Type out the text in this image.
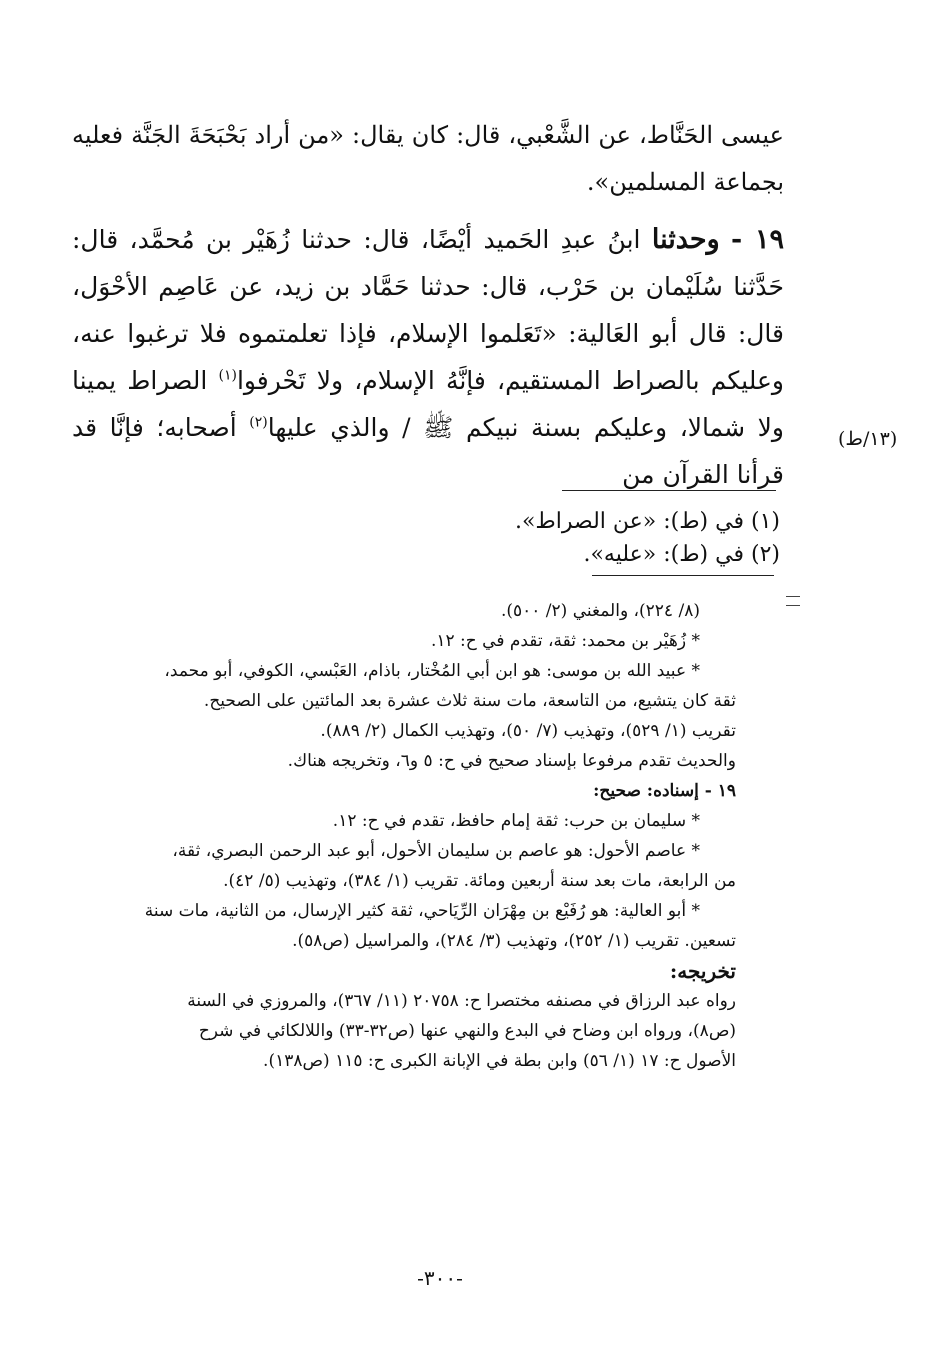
عيسى الحَنَّاط، عن الشَّعْبي، قال: كان يقال: «من أراد بَحْبَحَةَ الجَنَّة فعليه بجماعة المسلمين».

١٩ - وحدثنا ابنُ عبدِ الحَميد أيْضًا، قال: حدثنا زُهَيْر بن مُحمَّد، قال: حَدَّثنا سُلَيْمان بن حَرْب، قال: حدثنا حَمَّاد بن زيد، عن عَاصِم الأحْوَل، قال: قال أبو العَالية: «تَعَلموا الإسلام، فإذا تعلمتموه فلا ترغبوا عنه، وعليكم بالصراط المستقيم، فإنَّهُ الإسلام، ولا تَحْرفوا$^{(١)}$ الصراط يمينا ولا شمالا، وعليكم بسنة نبيكم ﷺ / والذي عليها$^{(٢)}$ أصحابه؛ فإنَّا قد قرأنا القرآن من

(١٣/ط)
(١) في (ط): «عن الصراط».
(٢) في (ط): «عليه».
(٨/ ٢٢٤)، والمغني (٢/ ٥٠٠).
* زُهَيْر بن محمد: ثقة، تقدم في ح: ١٢.
* عبيد الله بن موسى: هو ابن أبي المُخْتار، باذام، العَبْسي، الكوفي، أبو محمد،
ثقة كان يتشيع، من التاسعة، مات سنة ثلاث عشرة بعد المائتين على الصحيح.
تقريب (١/ ٥٢٩)، وتهذيب (٧/ ٥٠)، وتهذيب الكمال (٢/ ٨٨٩).
والحديث تقدم مرفوعا بإسناد صحيح في ح: ٥ و٦، وتخريجه هناك.
١٩ - إسناده: صحيح:
* سليمان بن حرب: ثقة إمام حافظ، تقدم في ح: ١٢.
* عاصم الأحول: هو عاصم بن سليمان الأحول، أبو عبد الرحمن البصري، ثقة،
من الرابعة، مات بعد سنة أربعين ومائة. تقريب (١/ ٣٨٤)، وتهذيب (٥/ ٤٢).
* أبو العالية: هو رُفَيْع بن مِهْرَان الرِّيَاحي، ثقة كثير الإرسال، من الثانية، مات سنة
تسعين. تقريب (١/ ٢٥٢)، وتهذيب (٣/ ٢٨٤)، والمراسيل (ص٥٨).
تخريجه:
رواه عبد الرزاق في مصنفه مختصرا ح: ٢٠٧٥٨ (١١/ ٣٦٧)، والمروزي في السنة
(ص٨)، ورواه ابن وضاح في البدع والنهي عنها (ص٣٢-٣٣) واللالكائي في شرح
الأصول ح: ١٧ (١/ ٥٦) وابن بطة في الإبانة الكبرى ح: ١١٥ (ص١٣٨).
-٣٠٠-
